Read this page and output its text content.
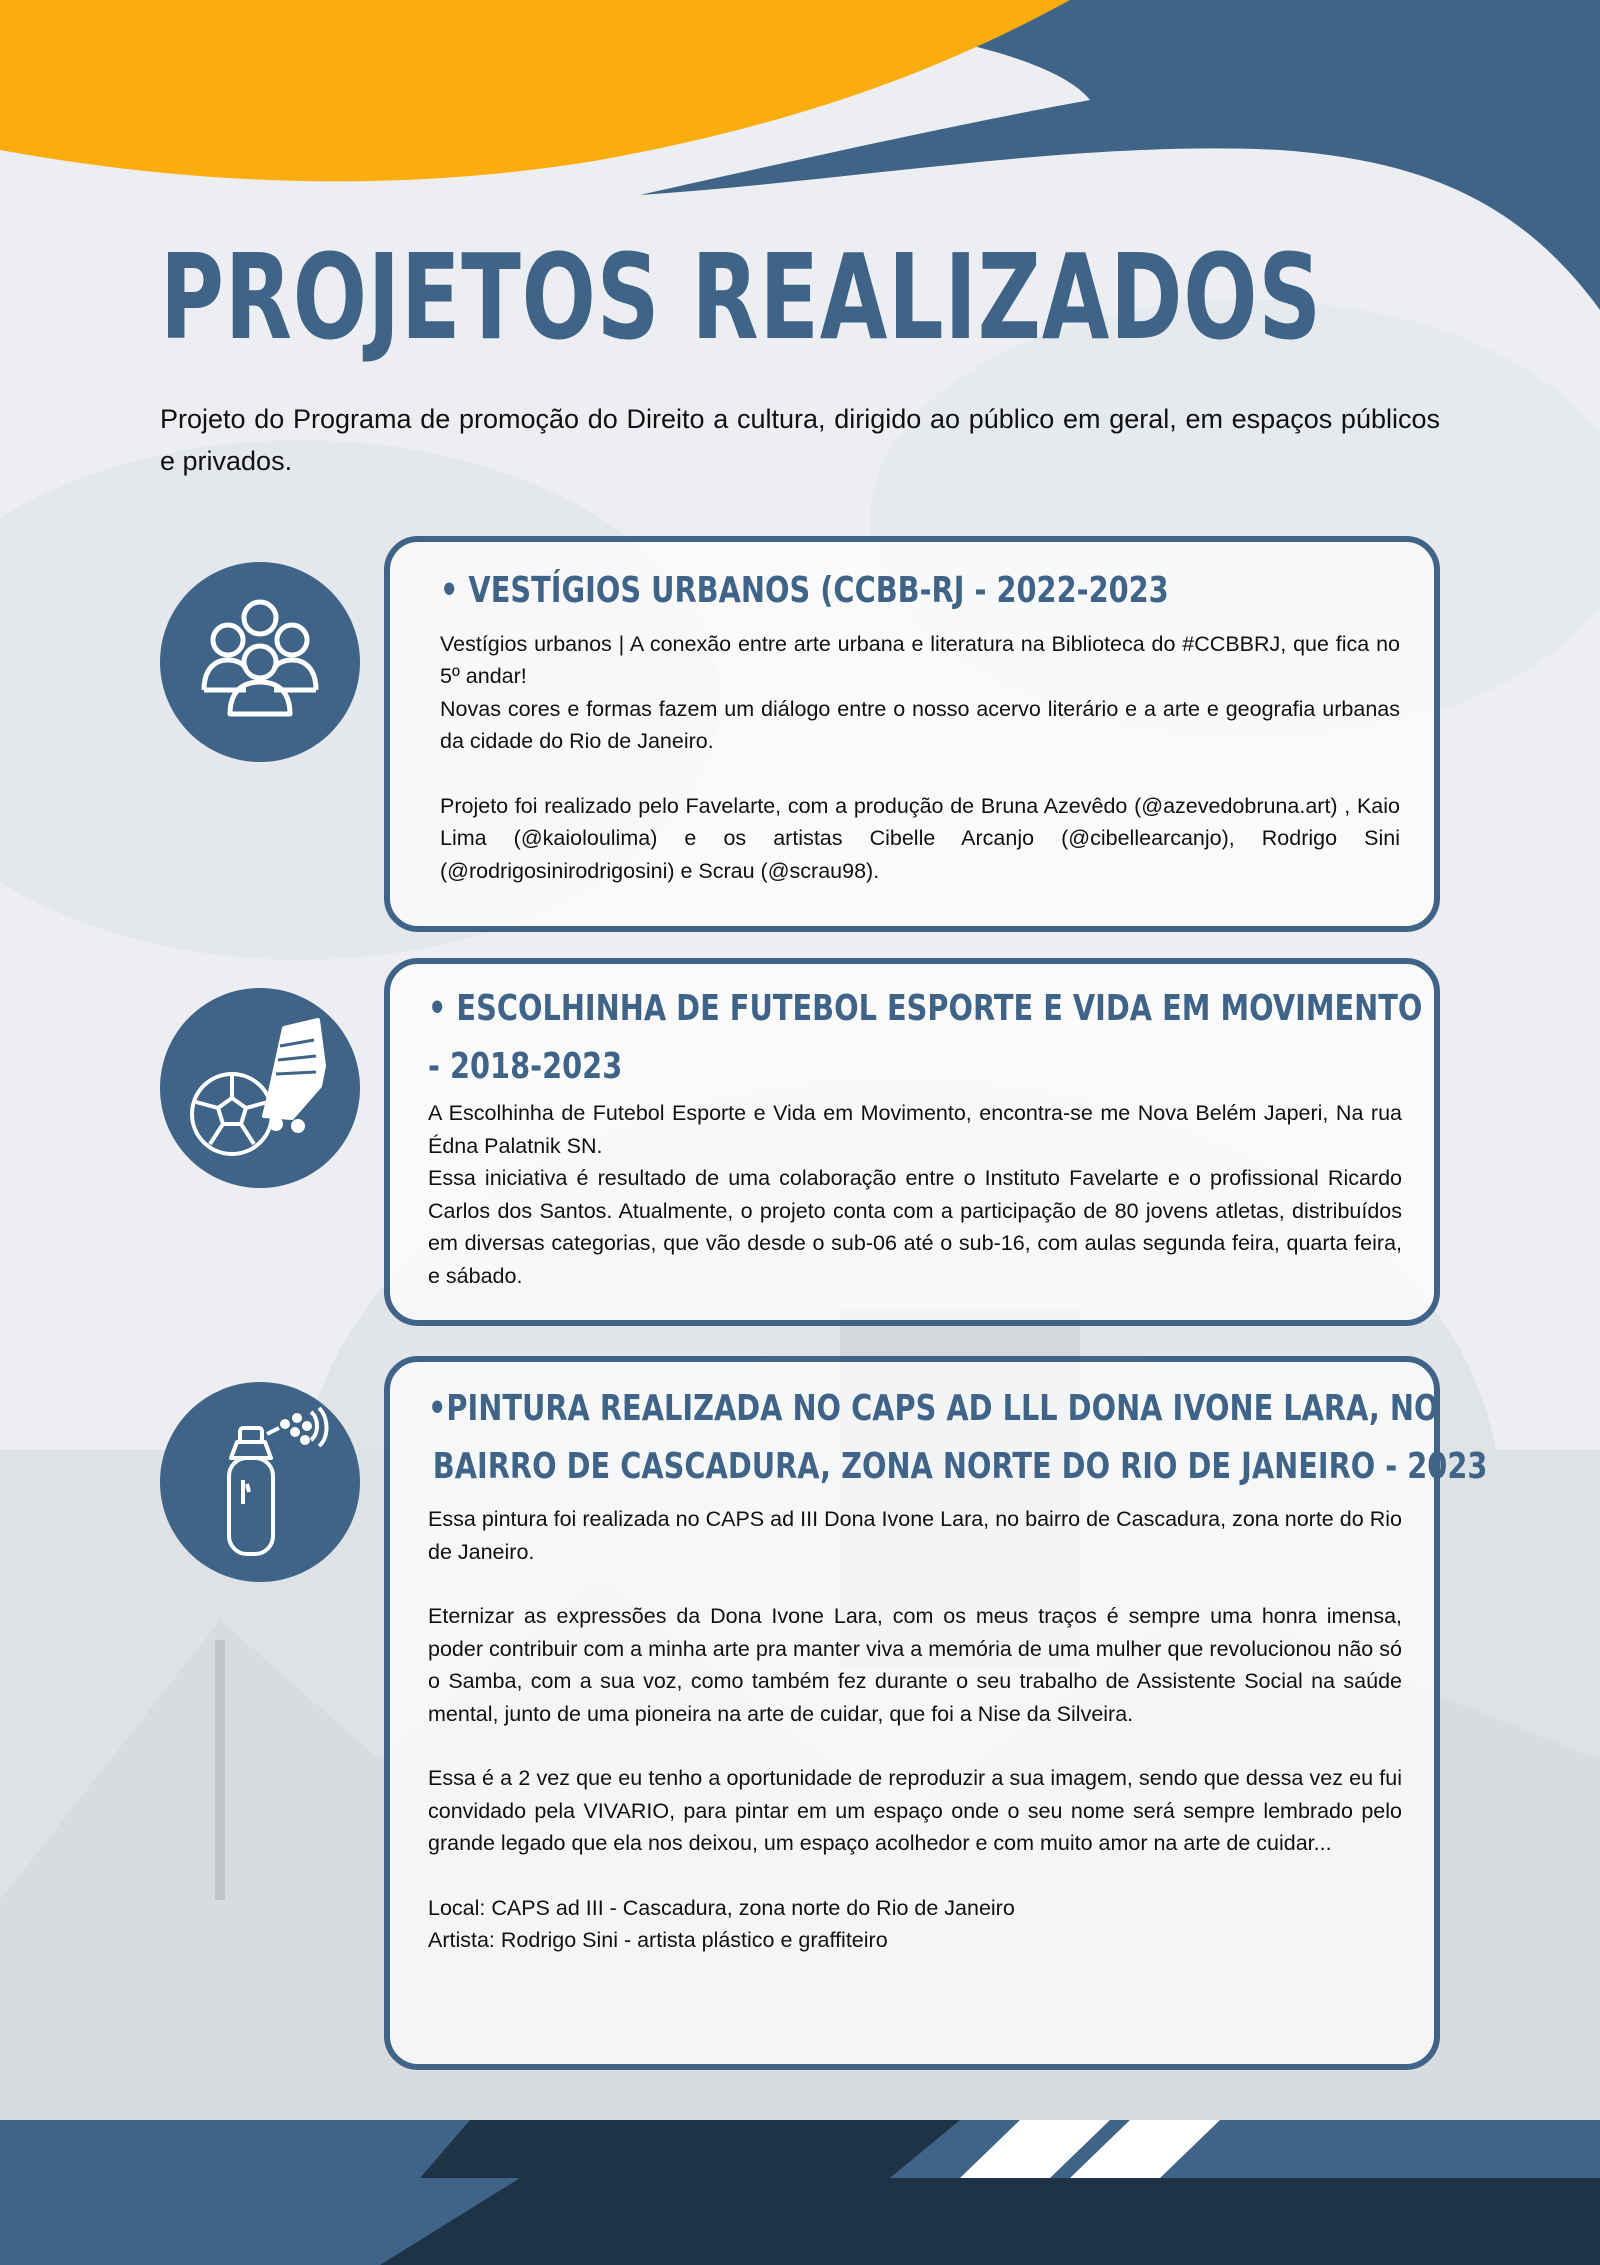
PROJETOS REALIZADOS
Projeto do Programa de promoção do Direito a cultura, dirigido ao público em geral, em espaços públicos e privados.
• VESTÍGIOS URBANOS (CCBB-RJ - 2022-2023

Vestígios urbanos | A conexão entre arte urbana e literatura na Biblioteca do #CCBBRJ, que fica no 5º andar!

Novas cores e formas fazem um diálogo entre o nosso acervo literário e a arte e geografia urbanas da cidade do Rio de Janeiro.

Projeto foi realizado pelo Favelarte, com a produção de Bruna Azevêdo (@azevedobruna.art) , Kaio Lima (@kaioloulima) e os artistas Cibelle Arcanjo (@cibellearcanjo), Rodrigo Sini (@rodrigosinirodrigosini) e Scrau (@scrau98).

• ESCOLHINHA DE FUTEBOL ESPORTE E VIDA EM MOVIMENTO
- 2018-2023

A Escolhinha de Futebol Esporte e Vida em Movimento, encontra-se me Nova Belém Japeri, Na rua Édna Palatnik SN.

Essa iniciativa é resultado de uma colaboração entre o Instituto Favelarte e o profissional Ricardo Carlos dos Santos. Atualmente, o projeto conta com a participação de 80 jovens atletas, distribuídos em diversas categorias, que vão desde o sub-06 até o sub-16, com aulas segunda feira, quarta feira, e sábado.

•PINTURA REALIZADA NO CAPS AD LLL DONA IVONE LARA, NO
BAIRRO DE CASCADURA, ZONA NORTE DO RIO DE JANEIRO - 2023

Essa pintura foi realizada no CAPS ad III Dona Ivone Lara, no bairro de Cascadura, zona norte do Rio de Janeiro.

Eternizar as expressões da Dona Ivone Lara, com os meus traços é sempre uma honra imensa, poder contribuir com a minha arte pra manter viva a memória de uma mulher que revolucionou não só o Samba, com a sua voz, como também fez durante o seu trabalho de Assistente Social na saúde mental, junto de uma pioneira na arte de cuidar, que foi a Nise da Silveira.

Essa é a 2 vez que eu tenho a oportunidade de reproduzir a sua imagem, sendo que dessa vez eu fui convidado pela VIVARIO, para pintar em um espaço onde o seu nome será sempre lembrado pelo grande legado que ela nos deixou, um espaço acolhedor e com muito amor na arte de cuidar...

Local: CAPS ad III - Cascadura, zona norte do Rio de Janeiro

Artista: Rodrigo Sini - artista plástico e graffiteiro
